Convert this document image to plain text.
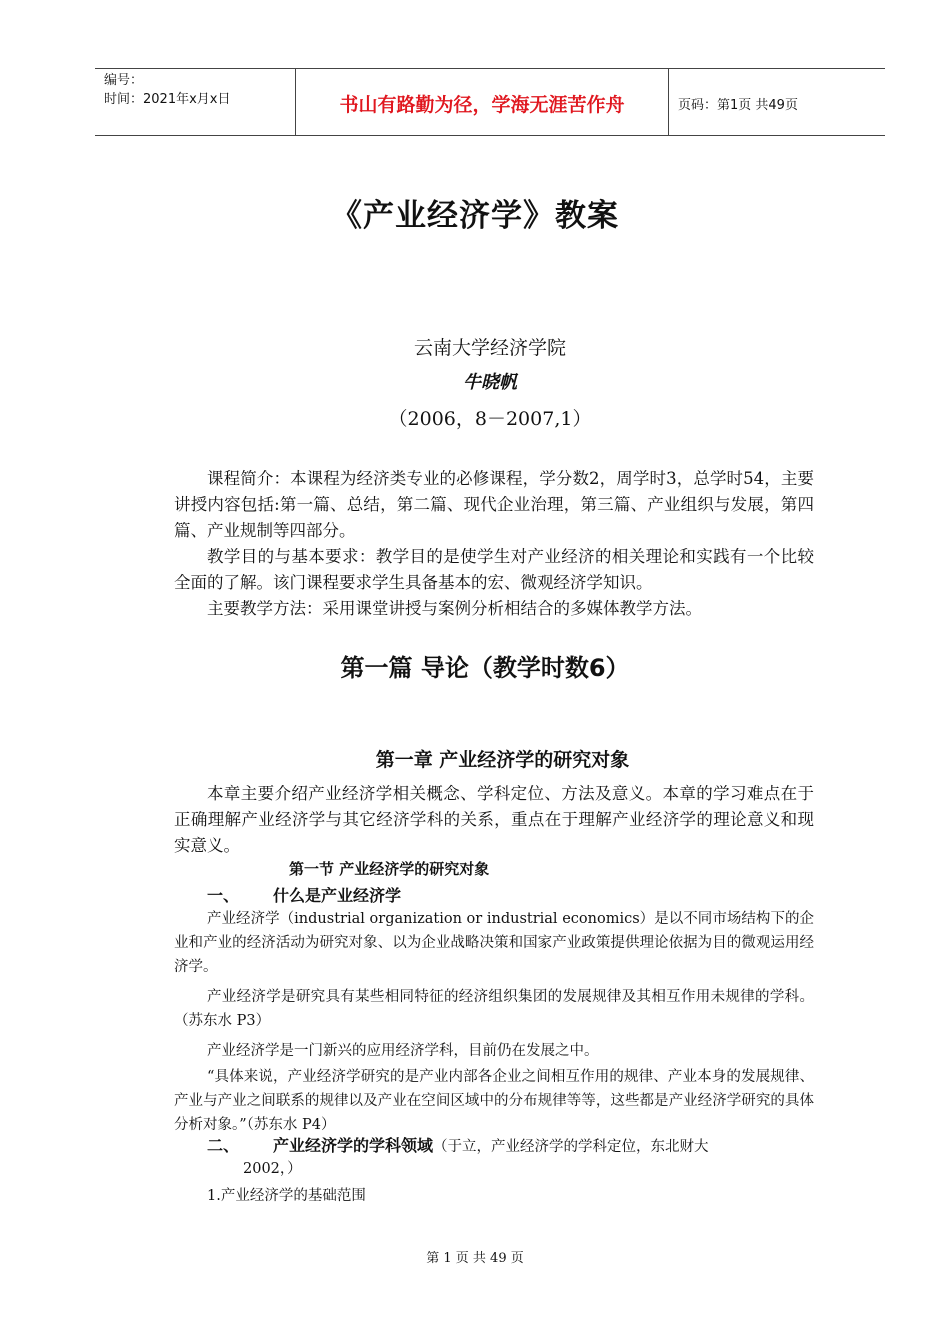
编号：
时间：2021年x月x日	书山有路勤为径，学海无涯苦作舟	页码：第1页 共49页
《产业经济学》教案
云南大学经济学院
牛晓帆
（2006，8－2007,1）

课程简介：本课程为经济类专业的必修课程，学分数2，周学时3，总学时54，主要讲授内容包括:第一篇、总结，第二篇、现代企业治理，第三篇、产业组织与发展，第四篇、产业规制等四部分。

教学目的与基本要求：教学目的是使学生对产业经济的相关理论和实践有一个比较全面的了解。该门课程要求学生具备基本的宏、微观经济学知识。

主要教学方法：采用课堂讲授与案例分析相结合的多媒体教学方法。

第一篇 导论（教学时数6）
第一章 产业经济学的研究对象

本章主要介绍产业经济学相关概念、学科定位、方法及意义。本章的学习难点在于正确理解产业经济学与其它经济学科的关系，重点在于理解产业经济学的理论意义和现实意义。

第一节 产业经济学的研究对象
一、 什么是产业经济学

产业经济学（industrial organization or industrial economics）是以不同市场结构下的企业和产业的经济活动为研究对象、以为企业战略决策和国家产业政策提供理论依据为目的微观运用经济学。

产业经济学是研究具有某些相同特征的经济组织集团的发展规律及其相互作用未规律的学科。（苏东水 P3）

产业经济学是一门新兴的应用经济学科，目前仍在发展之中。

“具体来说，产业经济学研究的是产业内部各企业之间相互作用的规律、产业本身的发展规律、产业与产业之间联系的规律以及产业在空间区域中的分布规律等等，这些都是产业经济学研究的具体分析对象。”（苏东水 P4）

二、 产业经济学的学科领域（于立，产业经济学的学科定位，东北财大
2002，）
1.产业经济学的基础范围
第 1 页 共 49 页
